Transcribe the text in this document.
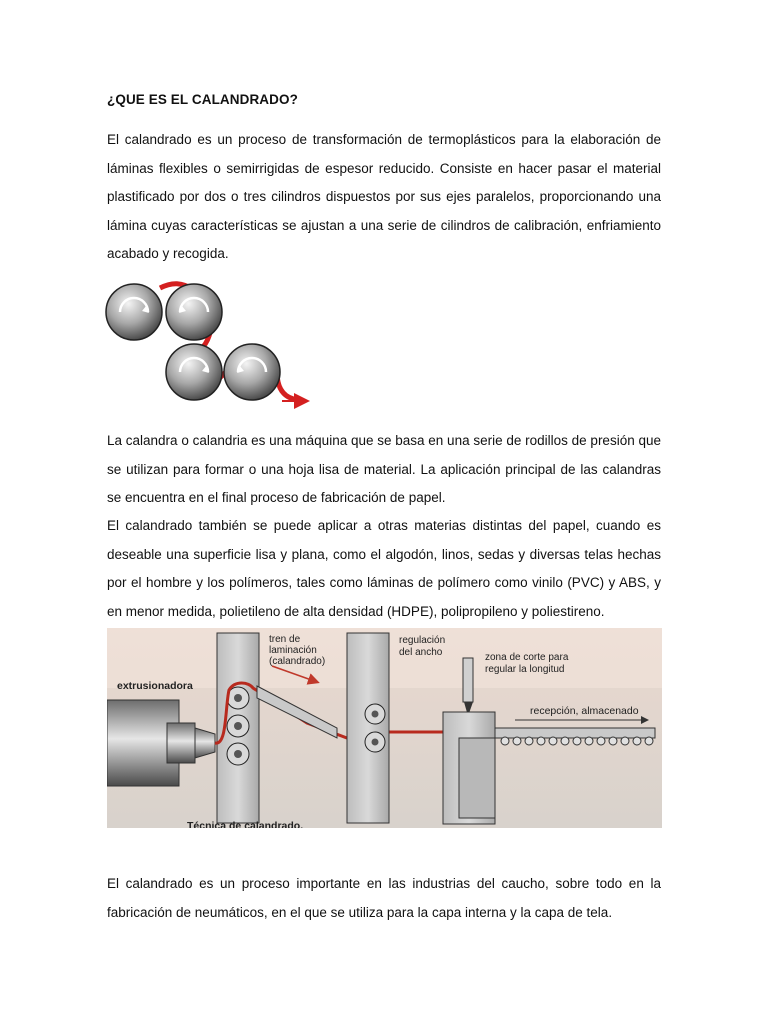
¿QUE ES EL CALANDRADO?
El calandrado es un proceso de transformación de termoplásticos para la elaboración de láminas flexibles o semirrigidas de espesor reducido. Consiste en hacer pasar el material plastificado por dos o tres cilindros dispuestos por sus ejes paralelos, proporcionando una lámina cuyas características se ajustan a una serie de cilindros de calibración, enfriamiento acabado y recogida.
La calandra o calandria es una máquina que se basa en una serie de rodillos de presión que se utilizan para formar o una hoja lisa de material. La aplicación principal de las calandras se encuentra en el final proceso de fabricación de papel.
El calandrado también se puede aplicar a otras materias distintas del papel, cuando es deseable una superficie lisa y plana, como el algodón, linos, sedas y diversas telas hechas por el hombre y los polímeros, tales como láminas de polímero como vinilo (PVC) y ABS, y en menor medida, polietileno de alta densidad (HDPE), polipropileno y poliestireno.
extrusionadora
tren de
laminación
(calandrado)
regulación
del ancho	zona de corte para
regular la longitud
recepción, almacenado
Técnica de calandrado.
El calandrado es un proceso importante en las industrias del caucho, sobre todo en la fabricación de neumáticos, en el que se utiliza para la capa interna y la capa de tela.
